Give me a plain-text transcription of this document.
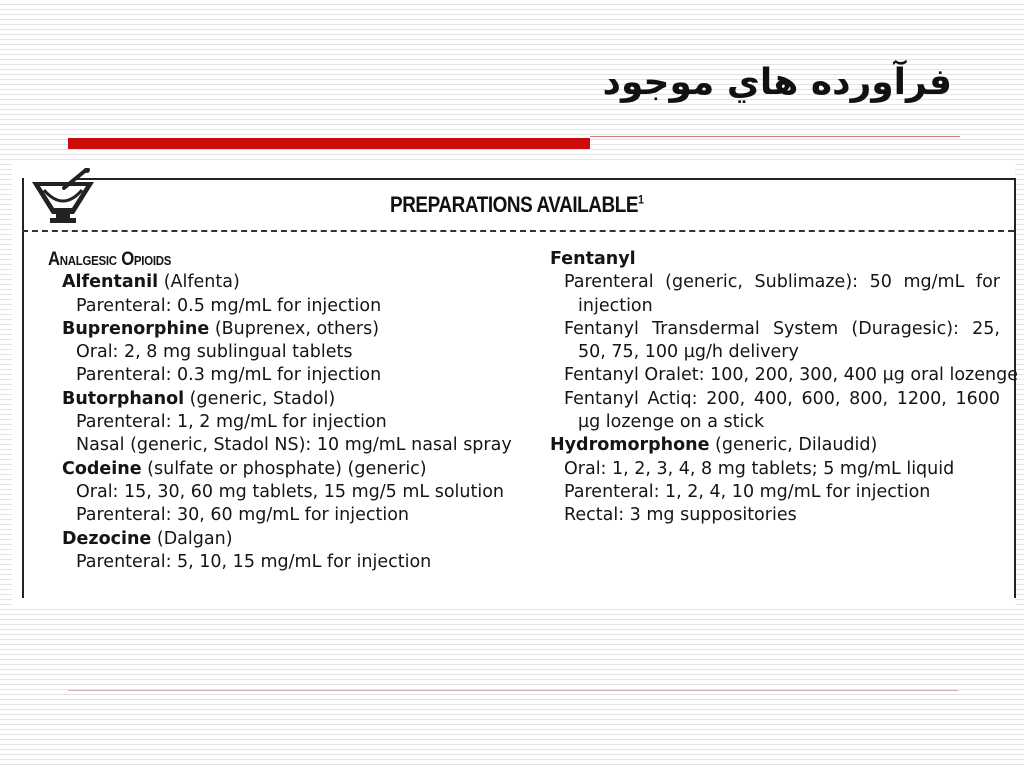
فرآورده هاي موجود
PREPARATIONS AVAILABLE$^1$
Analgesic Opioids
Alfentanil (Alfenta)
Parenteral: 0.5 mg/mL for injection
Buprenorphine (Buprenex, others)
Oral: 2, 8 mg sublingual tablets
Parenteral: 0.3 mg/mL for injection
Butorphanol (generic, Stadol)
Parenteral: 1, 2 mg/mL for injection
Nasal (generic, Stadol NS): 10 mg/mL nasal spray
Codeine (sulfate or phosphate) (generic)
Oral: 15, 30, 60 mg tablets, 15 mg/5 mL solution
Parenteral: 30, 60 mg/mL for injection
Dezocine (Dalgan)
Parenteral: 5, 10, 15 mg/mL for injection
Fentanyl
Parenteral (generic, Sublimaze): 50 mg/mL for injection
Fentanyl Transdermal System (Duragesic): 25, 50, 75, 100 µg/h delivery
Fentanyl Oralet: 100, 200, 300, 400 µg oral lozenge
Fentanyl Actiq: 200, 400, 600, 800, 1200, 1600 µg lozenge on a stick
Hydromorphone (generic, Dilaudid)
Oral: 1, 2, 3, 4, 8 mg tablets; 5 mg/mL liquid
Parenteral: 1, 2, 4, 10 mg/mL for injection
Rectal: 3 mg suppositories
